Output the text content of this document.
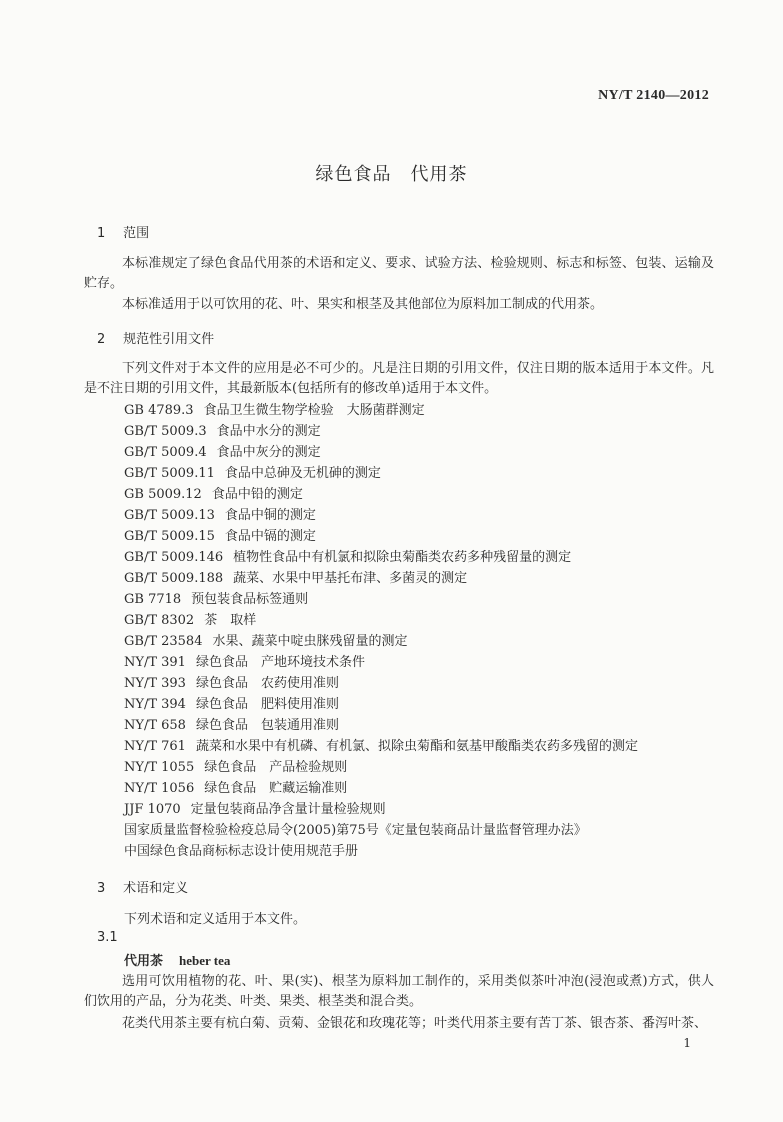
NY/T 2140—2012
绿色食品　代用茶
1 范围
本标准规定了绿色食品代用茶的术语和定义、要求、试验方法、检验规则、标志和标签、包装、运输及贮存。
本标准适用于以可饮用的花、叶、果实和根茎及其他部位为原料加工制成的代用茶。
2 规范性引用文件
下列文件对于本文件的应用是必不可少的。凡是注日期的引用文件，仅注日期的版本适用于本文件。凡是不注日期的引用文件，其最新版本(包括所有的修改单)适用于本文件。
GB 4789.3 食品卫生微生物学检验　大肠菌群测定
GB/T 5009.3 食品中水分的测定
GB/T 5009.4 食品中灰分的测定
GB/T 5009.11 食品中总砷及无机砷的测定
GB 5009.12 食品中铅的测定
GB/T 5009.13 食品中铜的测定
GB/T 5009.15 食品中镉的测定
GB/T 5009.146 植物性食品中有机氯和拟除虫菊酯类农药多种残留量的测定
GB/T 5009.188 蔬菜、水果中甲基托布津、多菌灵的测定
GB 7718 预包装食品标签通则
GB/T 8302 茶　取样
GB/T 23584 水果、蔬菜中啶虫脒残留量的测定
NY/T 391 绿色食品　产地环境技术条件
NY/T 393 绿色食品　农药使用准则
NY/T 394 绿色食品　肥料使用准则
NY/T 658 绿色食品　包装通用准则
NY/T 761 蔬菜和水果中有机磷、有机氯、拟除虫菊酯和氨基甲酸酯类农药多残留的测定
NY/T 1055 绿色食品　产品检验规则
NY/T 1056 绿色食品　贮藏运输准则
JJF 1070 定量包装商品净含量计量检验规则
国家质量监督检验检疫总局令(2005)第75号《定量包装商品计量监督管理办法》
中国绿色食品商标标志设计使用规范手册
3 术语和定义
下列术语和定义适用于本文件。
3.1
代用茶 heber tea
选用可饮用植物的花、叶、果(实)、根茎为原料加工制作的，采用类似茶叶冲泡(浸泡或煮)方式，供人们饮用的产品，分为花类、叶类、果类、根茎类和混合类。
花类代用茶主要有杭白菊、贡菊、金银花和玫瑰花等；叶类代用茶主要有苦丁茶、银杏茶、番泻叶茶、
1
